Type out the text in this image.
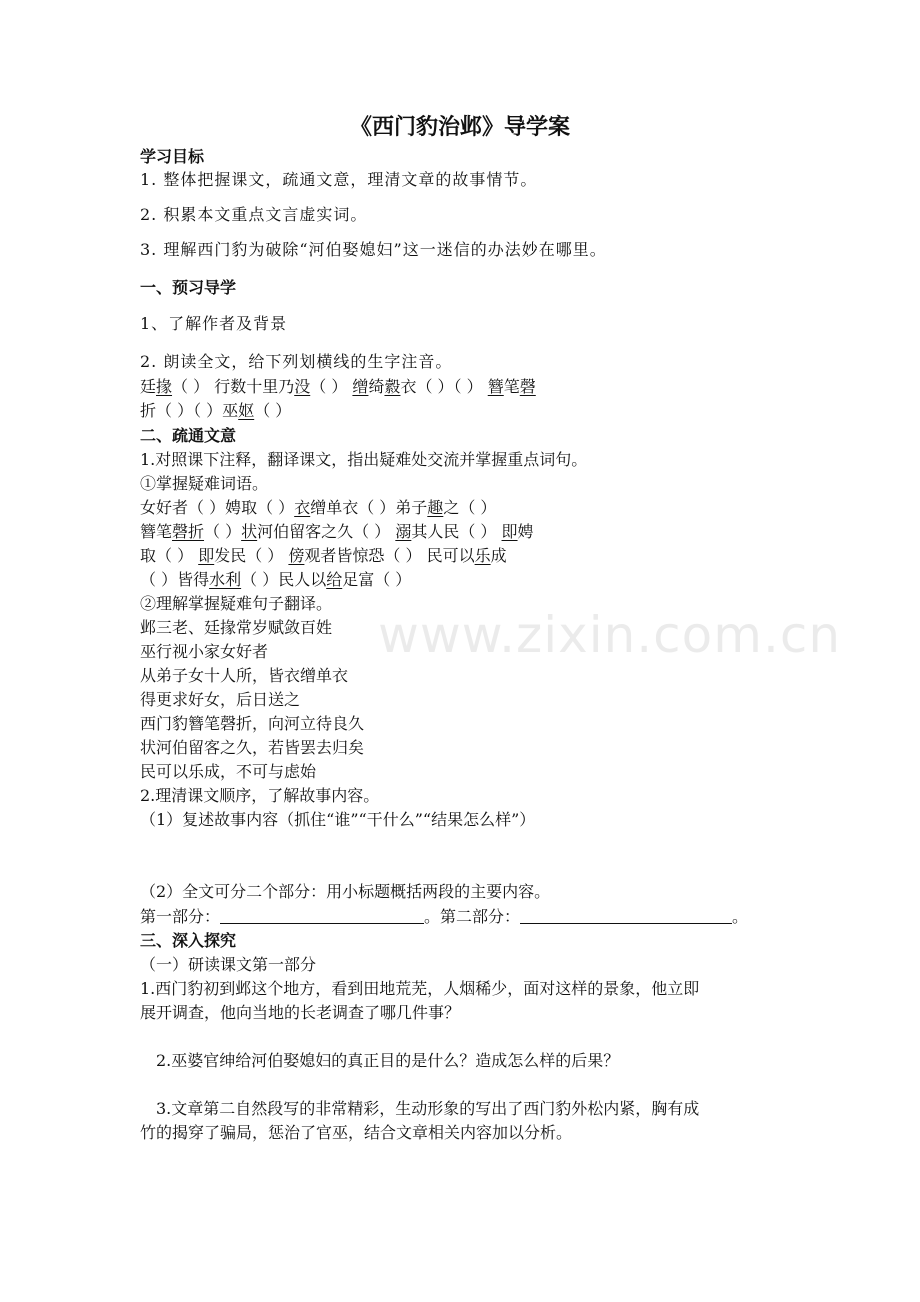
www.zixin.com.cn
《西门豹治邺》导学案
学习目标
1. 整体把握课文，疏通文意，理清文章的故事情节。
2. 积累本文重点文言虚实词。
3. 理解西门豹为破除“河伯娶媳妇”这一迷信的办法妙在哪里。
一、预习导学
1、了解作者及背景
2. 朗读全文，给下列划横线的生字注音。
廷掾（ ） 行数十里乃没（ ） 缯绮縠衣（ ）（ ） 簪笔磬
折（ ）（ ）巫妪（ ）
二、疏通文意
1.对照课下注释，翻译课文，指出疑难处交流并掌握重点词句。
①掌握疑难词语。
女好者（ ）娉取（ ）衣缯单衣（ ）弟子趣之（ ）
簪笔磬折（ ）状河伯留客之久（ ） 溺其人民（ ） 即娉
取（ ） 即发民（ ） 傍观者皆惊恐（ ） 民可以乐成
（ ）皆得水利（ ）民人以给足富（ ）
②理解掌握疑难句子翻译。
邺三老、廷掾常岁赋敛百姓
巫行视小家女好者
从弟子女十人所，皆衣缯单衣
得更求好女，后日送之
西门豹簪笔磬折，向河立待良久
状河伯留客之久，若皆罢去归矣
民可以乐成，不可与虑始
2.理清课文顺序，了解故事内容。
（1）复述故事内容（抓住“谁”“干什么”“结果怎么样”）
（2）全文可分二个部分：用小标题概括两段的主要内容。
第一部分：	。第二部分：	。
三、深入探究
（一）研读课文第一部分
1.西门豹初到邺这个地方，看到田地荒芜，人烟稀少，面对这样的景象，他立即
展开调查，他向当地的长老调查了哪几件事？
2.巫婆官绅给河伯娶媳妇的真正目的是什么？造成怎么样的后果？
3.文章第二自然段写的非常精彩，生动形象的写出了西门豹外松内紧，胸有成
竹的揭穿了骗局，惩治了官巫，结合文章相关内容加以分析。
